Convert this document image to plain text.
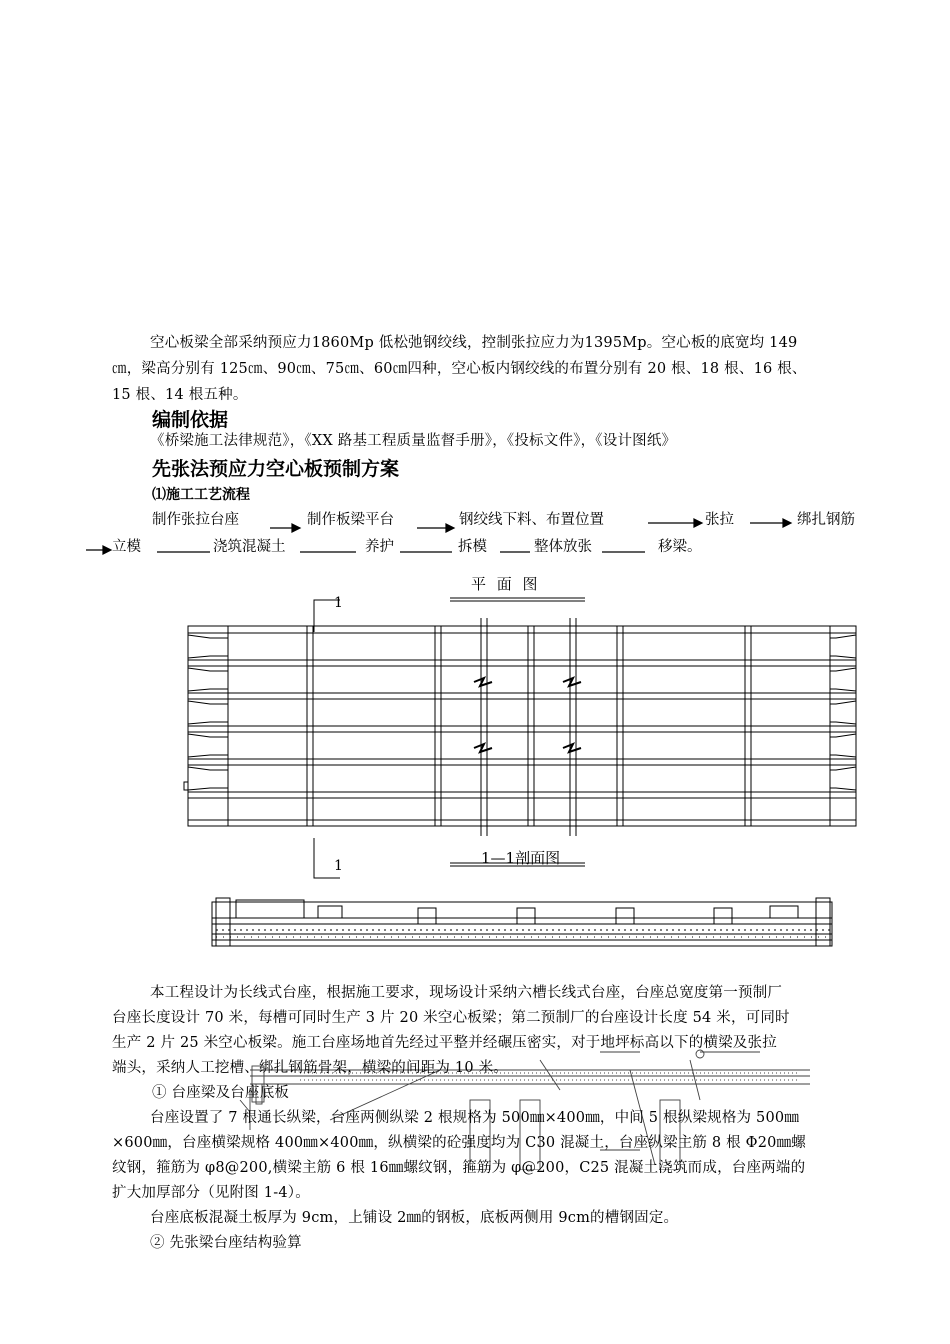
空心板梁全部采纳预应力1860Mp 低松弛钢绞线，控制张拉应力为1395Mp。空心板的底宽均 149
㎝，梁高分别有 125㎝、90㎝、75㎝、60㎝四种，空心板内钢绞线的布置分别有 20 根、18 根、16 根、
15 根、14 根五种。
编制依据
《桥梁施工法律规范》，《XX 路基工程质量监督手册》，《投标文件》，《设计图纸》
先张法预应力空心板预制方案
⑴施工工艺流程
制作张拉台座	制作板梁平台	钢绞线下料、布置位置	张拉	绑扎钢筋
立模	浇筑混凝土	养护	拆模	整体放张	移梁。
平 面 图
1
1	1—1剖面图
本工程设计为长线式台座，根据施工要求，现场设计采纳六槽长线式台座，台座总宽度第一预制厂
台座长度设计 70 米，每槽可同时生产 3 片 20 米空心板梁；第二预制厂的台座设计长度 54 米，可同时
生产 2 片 25 米空心板梁。施工台座场地首先经过平整并经碾压密实，对于地坪标高以下的横梁及张拉
端头，采纳人工挖槽、绑扎钢筋骨架，横梁的间距为 10 米。
① 台座梁及台座底板
台座设置了 7 根通长纵梁，台座两侧纵梁 2 根规格为 500㎜×400㎜，中间 5 根纵梁规格为 500㎜
×600㎜，台座横梁规格 400㎜×400㎜，纵横梁的砼强度均为 C30 混凝土，台座纵梁主筋 8 根 Φ20㎜螺
纹钢，箍筋为 φ8@200,横梁主筋 6 根 16㎜螺纹钢，箍筋为 φ@200，C25 混凝土浇筑而成，台座两端的
扩大加厚部分（见附图 1-4）。
台座底板混凝土板厚为 9cm，上铺设 2㎜的钢板，底板两侧用 9cm的槽钢固定。
② 先张梁台座结构验算
